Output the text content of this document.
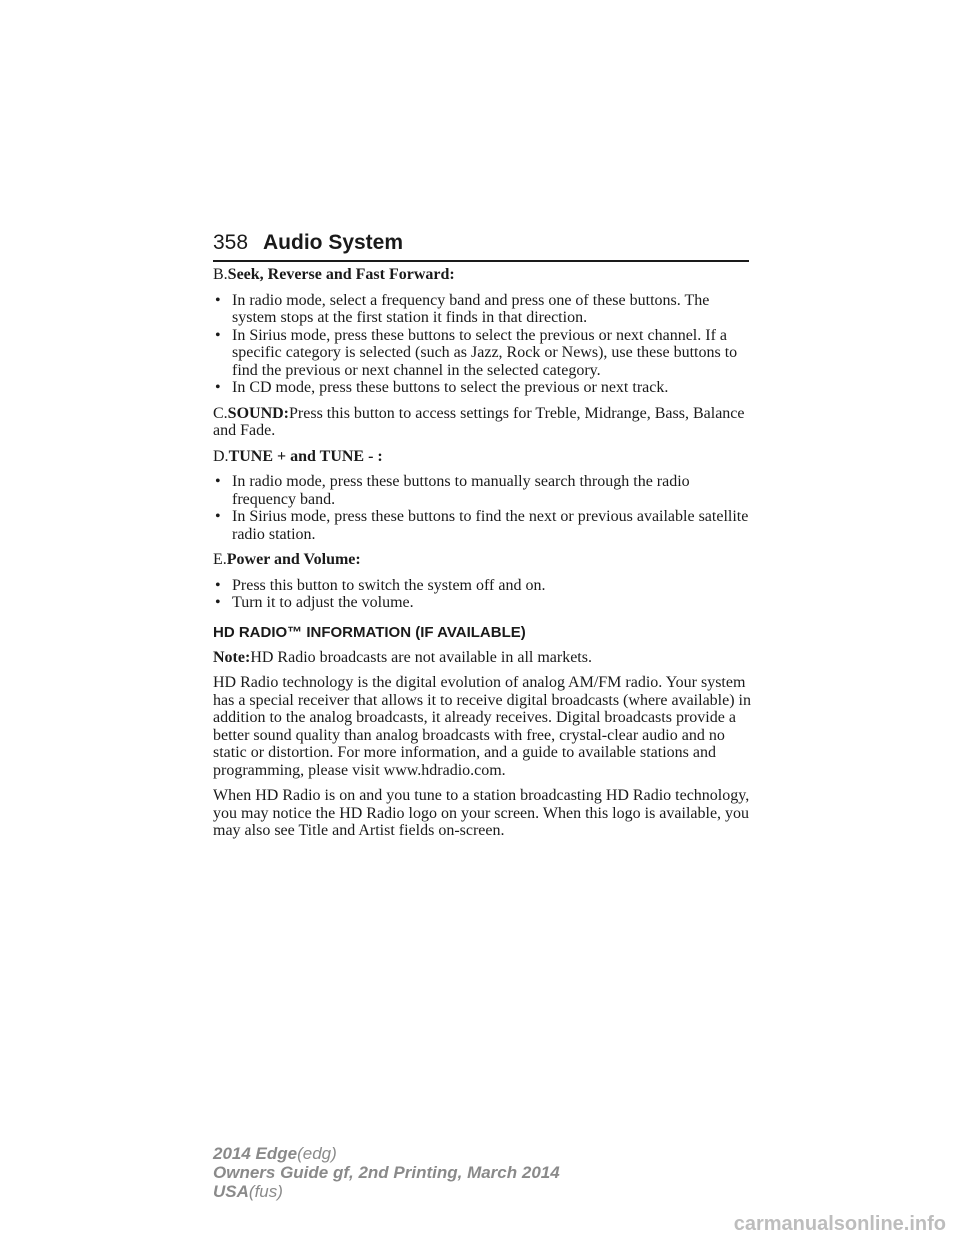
358 Audio System

B.Seek, Reverse and Fast Forward:

• In radio mode, select a frequency band and press one of these buttons. The system stops at the first station it finds in that direction.
• In Sirius mode, press these buttons to select the previous or next channel. If a specific category is selected (such as Jazz, Rock or News), use these buttons to find the previous or next channel in the selected category.
• In CD mode, press these buttons to select the previous or next track.

C.SOUND:Press this button to access settings for Treble, Midrange, Bass, Balance and Fade.

D.TUNE + and TUNE - :

• In radio mode, press these buttons to manually search through the radio frequency band.
• In Sirius mode, press these buttons to find the next or previous available satellite radio station.

E.Power and Volume:

• Press this button to switch the system off and on.
• Turn it to adjust the volume.
HD RADIO™ INFORMATION (IF AVAILABLE)

Note:HD Radio broadcasts are not available in all markets.

HD Radio technology is the digital evolution of analog AM/FM radio. Your system has a special receiver that allows it to receive digital broadcasts (where available) in addition to the analog broadcasts, it already receives. Digital broadcasts provide a better sound quality than analog broadcasts with free, crystal-clear audio and no static or distortion. For more information, and a guide to available stations and programming, please visit www.hdradio.com.

When HD Radio is on and you tune to a station broadcasting HD Radio technology, you may notice the HD Radio logo on your screen. When this logo is available, you may also see Title and Artist fields on-screen.

2014 Edge(edg)
Owners Guide gf, 2nd Printing, March 2014
USA(fus)
carmanualsonline.info
